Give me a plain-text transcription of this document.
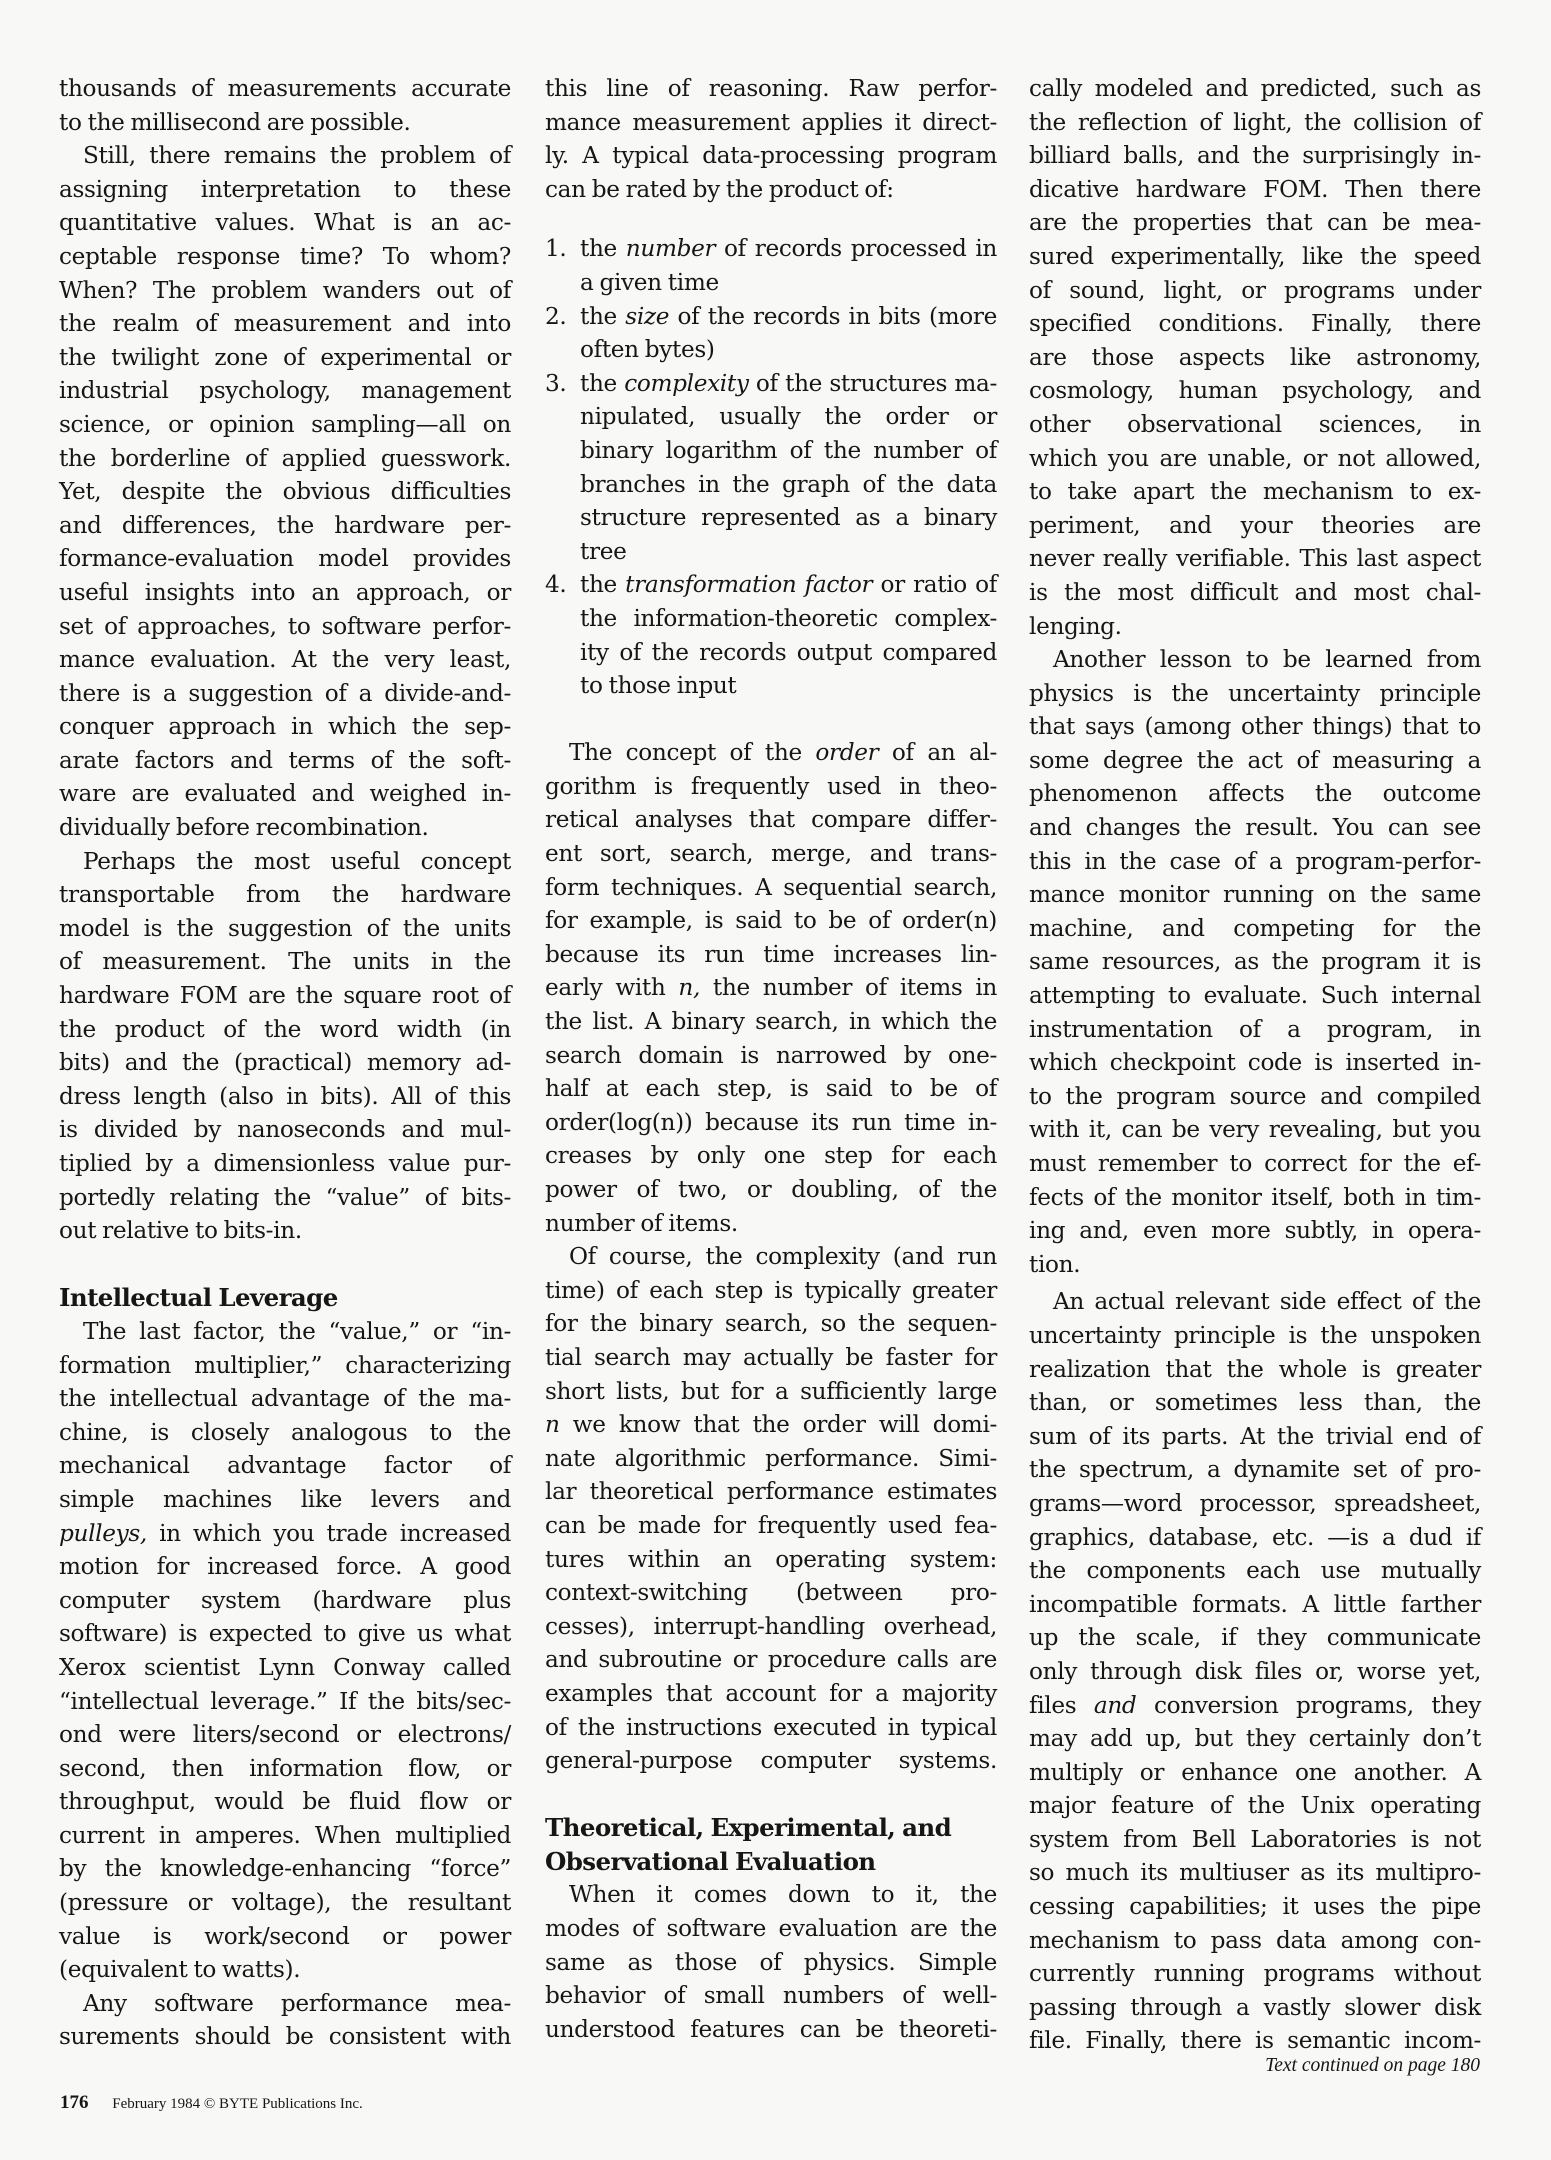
thousands of measurements accurate
to the millisecond are possible.
Still, there remains the problem of
assigning interpretation to these
quantitative values. What is an ac-
ceptable response time? To whom?
When? The problem wanders out of
the realm of measurement and into
the twilight zone of experimental or
industrial psychology, management
science, or opinion sampling—all on
the borderline of applied guesswork.
Yet, despite the obvious difficulties
and differences, the hardware per-
formance-evaluation model provides
useful insights into an approach, or
set of approaches, to software perfor-
mance evaluation. At the very least,
there is a suggestion of a divide-and-
conquer approach in which the sep-
arate factors and terms of the soft-
ware are evaluated and weighed in-
dividually before recombination.
Perhaps the most useful concept
transportable from the hardware
model is the suggestion of the units
of measurement. The units in the
hardware FOM are the square root of
the product of the word width (in
bits) and the (practical) memory ad-
dress length (also in bits). All of this
is divided by nanoseconds and mul-
tiplied by a dimensionless value pur-
portedly relating the “value” of bits-
out relative to bits-in.
Intellectual Leverage
The last factor, the “value,” or “in-
formation multiplier,” characterizing
the intellectual advantage of the ma-
chine, is closely analogous to the
mechanical advantage factor of
simple machines like levers and
pulleys, in which you trade increased
motion for increased force. A good
computer system (hardware plus
software) is expected to give us what
Xerox scientist Lynn Conway called
“intellectual leverage.” If the bits/sec-
ond were liters/second or electrons/
second, then information flow, or
throughput, would be fluid flow or
current in amperes. When multiplied
by the knowledge-enhancing “force”
(pressure or voltage), the resultant
value is work/second or power
(equivalent to watts).
Any software performance mea-
surements should be consistent with
this line of reasoning. Raw perfor-
mance measurement applies it direct-
ly. A typical data-processing program
can be rated by the product of:
1. the number of records processed in
a given time
2. the size of the records in bits (more
often bytes)
3. the complexity of the structures ma-
nipulated, usually the order or
binary logarithm of the number of
branches in the graph of the data
structure represented as a binary
tree
4. the transformation factor or ratio of
the information-theoretic complex-
ity of the records output compared
to those input
The concept of the order of an al-
gorithm is frequently used in theo-
retical analyses that compare differ-
ent sort, search, merge, and trans-
form techniques. A sequential search,
for example, is said to be of order(n)
because its run time increases lin-
early with n, the number of items in
the list. A binary search, in which the
search domain is narrowed by one-
half at each step, is said to be of
order(log(n)) because its run time in-
creases by only one step for each
power of two, or doubling, of the
number of items.
Of course, the complexity (and run
time) of each step is typically greater
for the binary search, so the sequen-
tial search may actually be faster for
short lists, but for a sufficiently large
n we know that the order will domi-
nate algorithmic performance. Simi-
lar theoretical performance estimates
can be made for frequently used fea-
tures within an operating system:
context-switching (between pro-
cesses), interrupt-handling overhead,
and subroutine or procedure calls are
examples that account for a majority
of the instructions executed in typical
general-purpose computer systems.
Theoretical, Experimental, and
Observational Evaluation
When it comes down to it, the
modes of software evaluation are the
same as those of physics. Simple
behavior of small numbers of well-
understood features can be theoreti-
cally modeled and predicted, such as
the reflection of light, the collision of
billiard balls, and the surprisingly in-
dicative hardware FOM. Then there
are the properties that can be mea-
sured experimentally, like the speed
of sound, light, or programs under
specified conditions. Finally, there
are those aspects like astronomy,
cosmology, human psychology, and
other observational sciences, in
which you are unable, or not allowed,
to take apart the mechanism to ex-
periment, and your theories are
never really verifiable. This last aspect
is the most difficult and most chal-
lenging.
Another lesson to be learned from
physics is the uncertainty principle
that says (among other things) that to
some degree the act of measuring a
phenomenon affects the outcome
and changes the result. You can see
this in the case of a program-perfor-
mance monitor running on the same
machine, and competing for the
same resources, as the program it is
attempting to evaluate. Such internal
instrumentation of a program, in
which checkpoint code is inserted in-
to the program source and compiled
with it, can be very revealing, but you
must remember to correct for the ef-
fects of the monitor itself, both in tim-
ing and, even more subtly, in opera-
tion.
An actual relevant side effect of the
uncertainty principle is the unspoken
realization that the whole is greater
than, or sometimes less than, the
sum of its parts. At the trivial end of
the spectrum, a dynamite set of pro-
grams—word processor, spreadsheet,
graphics, database, etc. —is a dud if
the components each use mutually
incompatible formats. A little farther
up the scale, if they communicate
only through disk files or, worse yet,
files and conversion programs, they
may add up, but they certainly don’t
multiply or enhance one another. A
major feature of the Unix operating
system from Bell Laboratories is not
so much its multiuser as its multipro-
cessing capabilities; it uses the pipe
mechanism to pass data among con-
currently running programs without
passing through a vastly slower disk
file. Finally, there is semantic incom-
Text continued on page 180
176 February 1984 © BYTE Publications Inc.
